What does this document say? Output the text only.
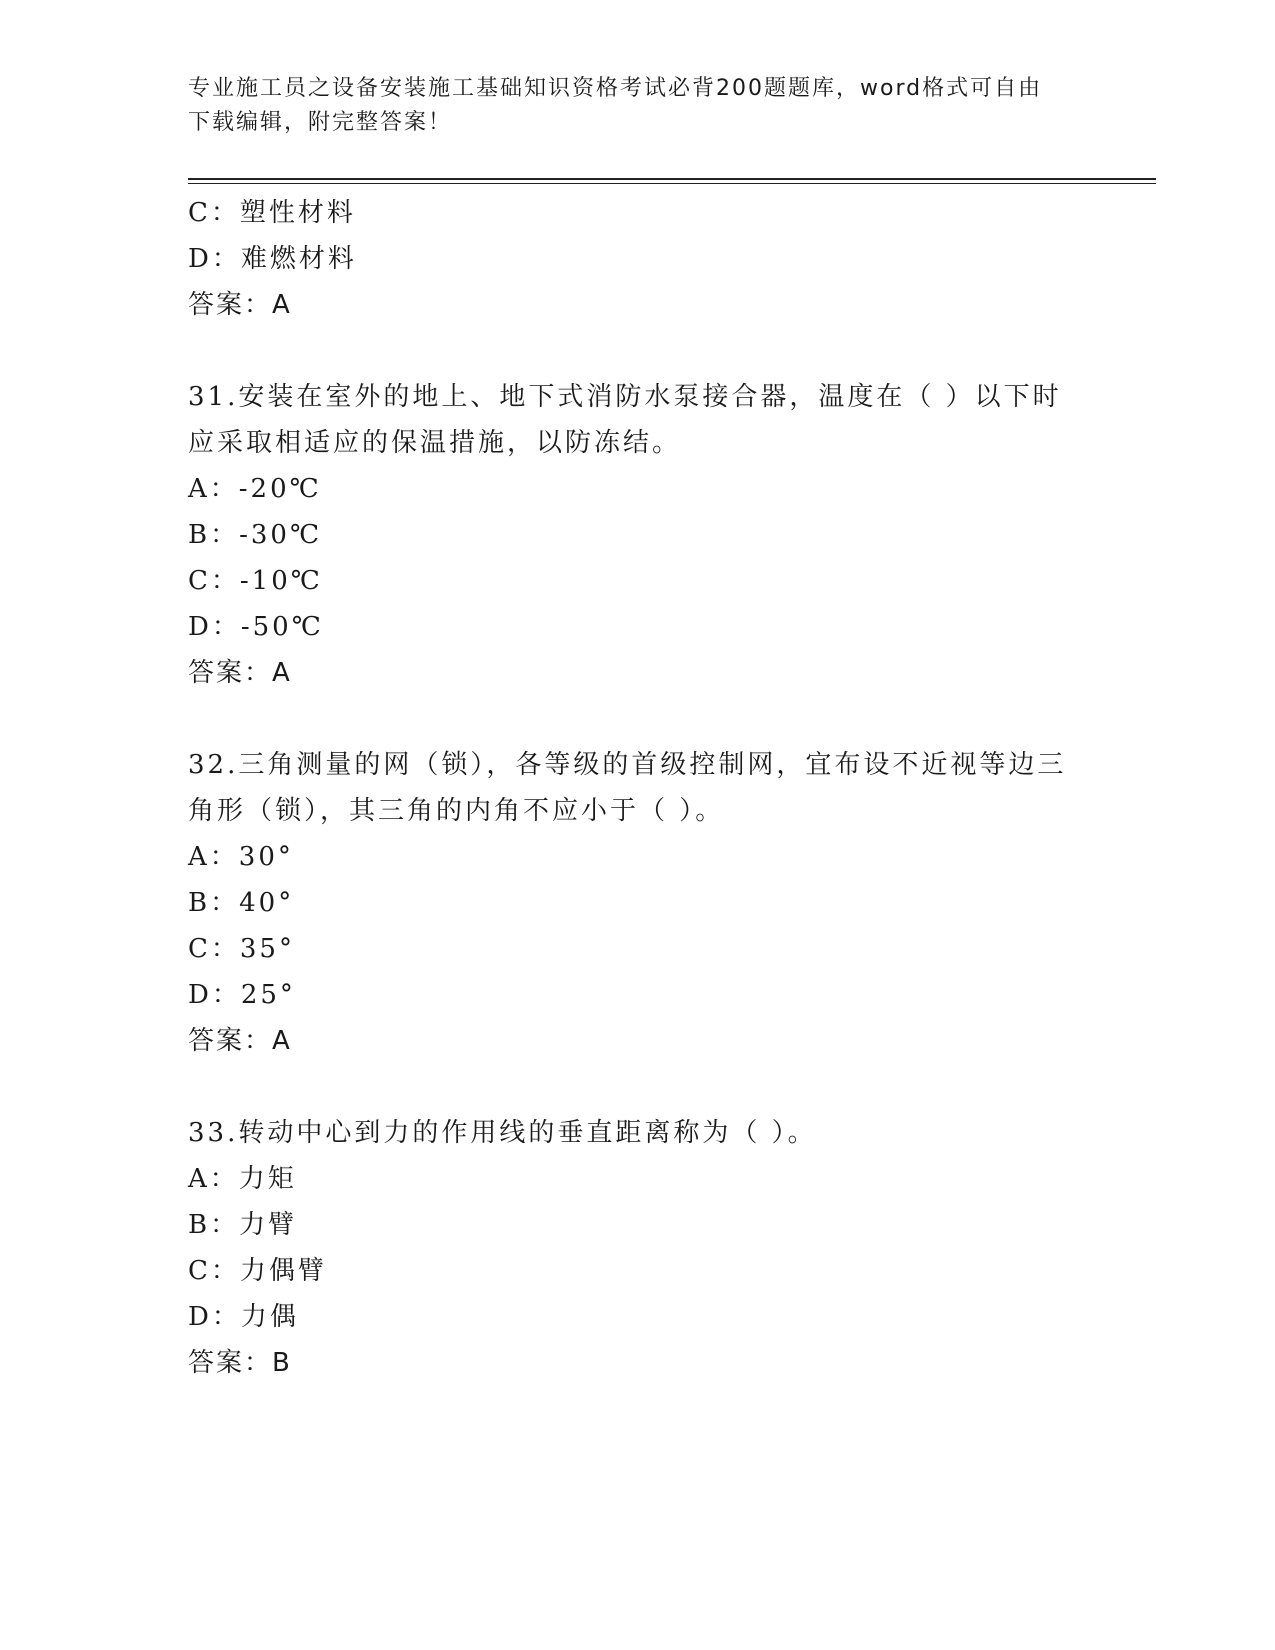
专业施工员之设备安装施工基础知识资格考试必背200题题库，word格式可自由
下载编辑，附完整答案！
C：塑性材料
D：难燃材料
答案：A
31.安装在室外的地上、地下式消防水泵接合器，温度在（ ）以下时
应采取相适应的保温措施，以防冻结。
A：-20℃
B：-30℃
C：-10℃
D：-50℃
答案：A
32.三角测量的网（锁），各等级的首级控制网，宜布设不近视等边三
角形（锁），其三角的内角不应小于（ ）。
A：30°
B：40°
C：35°
D：25°
答案：A
33.转动中心到力的作用线的垂直距离称为（ ）。
A：力矩
B：力臂
C：力偶臂
D：力偶
答案：B
